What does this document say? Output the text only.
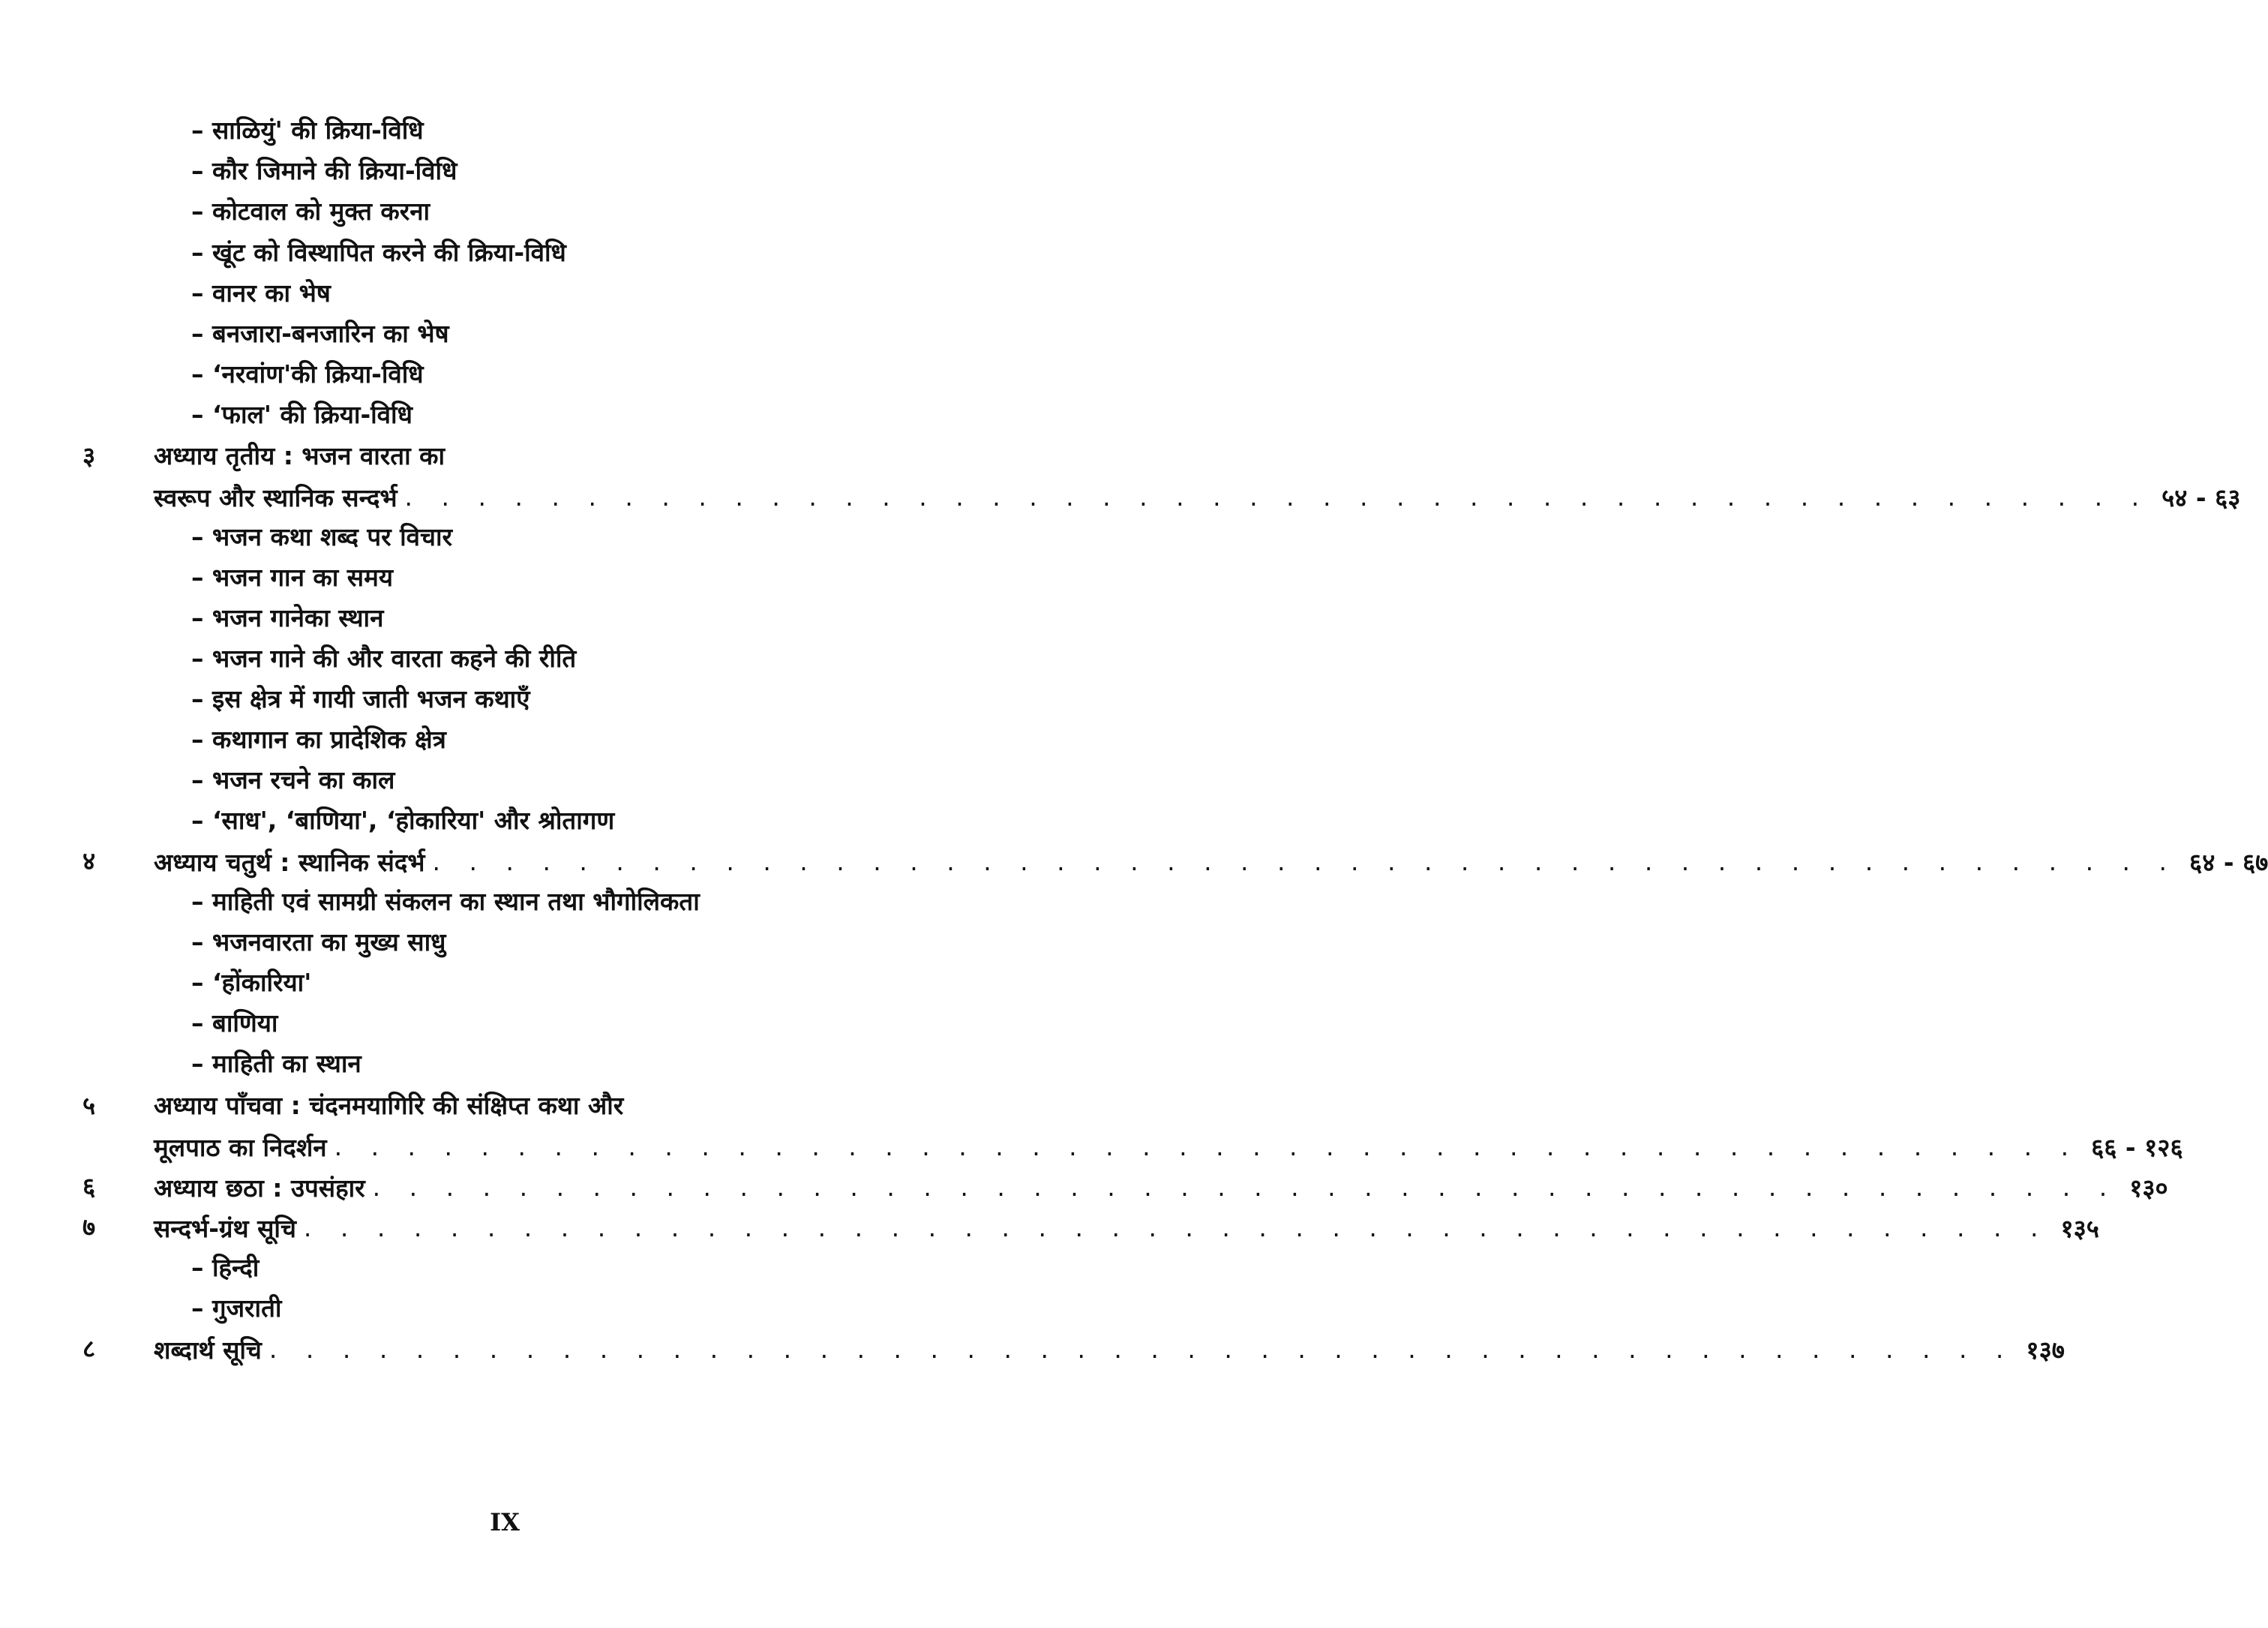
– साळियुं' की क्रिया-विधि
– कौर जिमाने की क्रिया-विधि
– कोटवाल को मुक्त करना
– खूंट को विस्थापित करने की क्रिया-विधि
– वानर का भेष
– बनजारा-बनजारिन का भेष
– ‘नरवांण'की क्रिया-विधि
– ‘फाल' की क्रिया-विधि
३ अध्याय तृतीय : भजन वारता का
स्वरूप और स्थानिक सन्दर्भ . . . . . . . . . . . . . . . . . . . . . . . . . . . . . . . . . . . . . . . . . . . . . . . . ५४ - ६३
– भजन कथा शब्द पर विचार
– भजन गान का समय
– भजन गानेका स्थान
– भजन गाने की और वारता कहने की रीति
– इस क्षेत्र में गायी जाती भजन कथाएँ
– कथागान का प्रादेशिक क्षेत्र
– भजन रचने का काल
– ‘साध', ‘बाणिया', ‘होकारिया' और श्रोतागण
४ अध्याय चतुर्थ : स्थानिक संदर्भ . . . . . . . . . . . . . . . . . . . . . . . . . . . . . . . . . . . . . . . . . . . . . . . . ६४ - ६७
– माहिती एवं सामग्री संकलन का स्थान तथा भौगोलिकता
– भजनवारता का मुख्य साधु
– ‘होंकारिया'
– बाणिया
– माहिती का स्थान
५ अध्याय पाँचवा : चंदनमयागिरि की संक्षिप्त कथा और
मूलपाठ का निदर्शन . . . . . . . . . . . . . . . . . . . . . . . . . . . . . . . . . . . . . . . . . . . . . . . . ६६ - १२६
६ अध्याय छठा : उपसंहार . . . . . . . . . . . . . . . . . . . . . . . . . . . . . . . . . . . . . . . . . . . . . . . . १३०
७ सन्दर्भ-ग्रंथ सूचि . . . . . . . . . . . . . . . . . . . . . . . . . . . . . . . . . . . . . . . . . . . . . . . . १३५
– हिन्दी
– गुजराती
८ शब्दार्थ सूचि . . . . . . . . . . . . . . . . . . . . . . . . . . . . . . . . . . . . . . . . . . . . . . . . १३७
IX
